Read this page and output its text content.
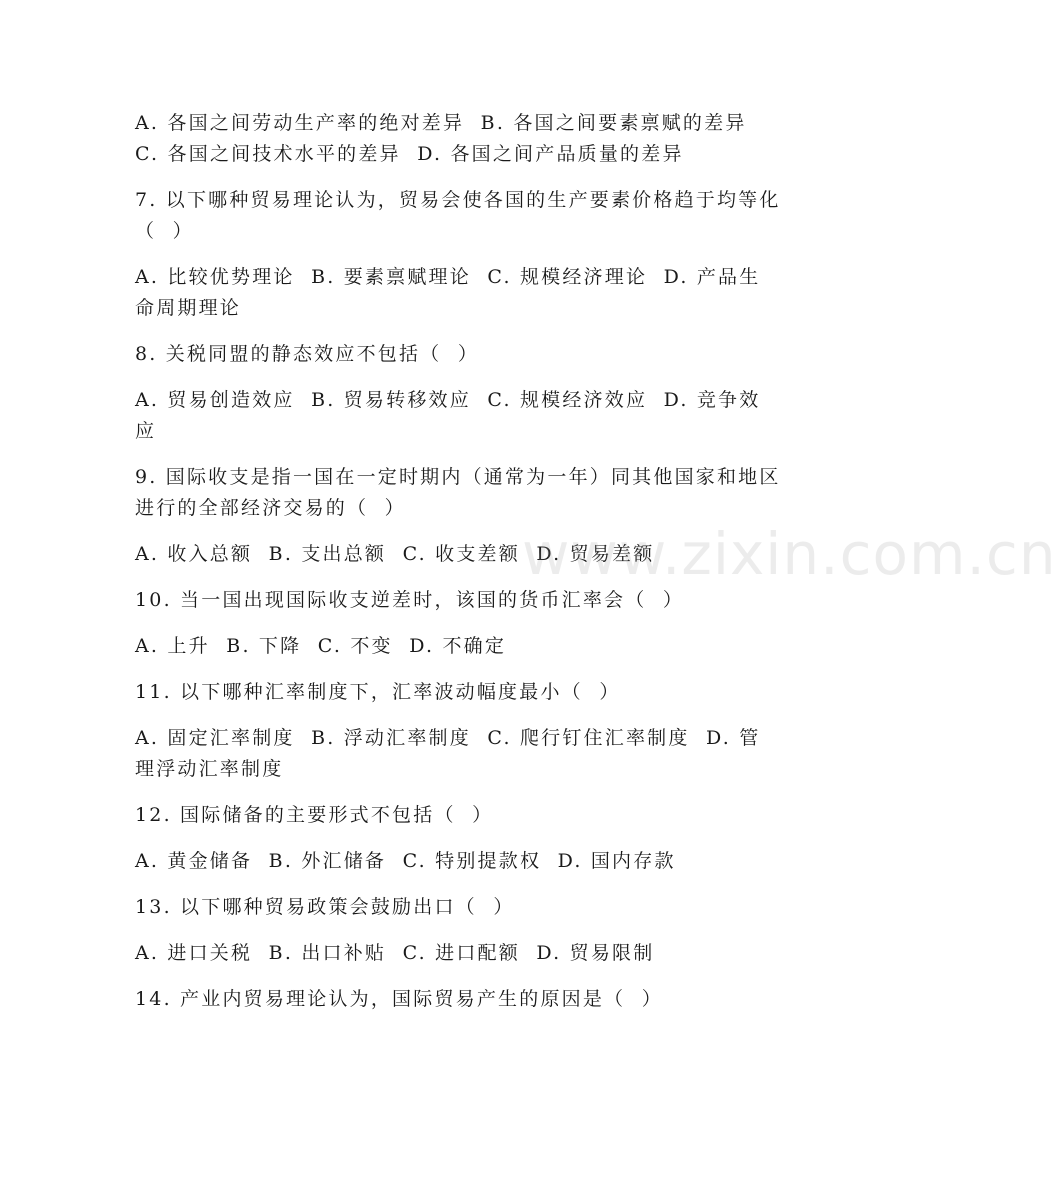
A. 各国之间劳动生产率的绝对差异  B. 各国之间要素禀赋的差异
C. 各国之间技术水平的差异  D. 各国之间产品质量的差异
7. 以下哪种贸易理论认为，贸易会使各国的生产要素价格趋于均等化
（  ）
A. 比较优势理论  B. 要素禀赋理论  C. 规模经济理论  D. 产品生
命周期理论
8. 关税同盟的静态效应不包括（  ）
A. 贸易创造效应  B. 贸易转移效应  C. 规模经济效应  D. 竞争效
应
9. 国际收支是指一国在一定时期内（通常为一年）同其他国家和地区
进行的全部经济交易的（  ）
A. 收入总额  B. 支出总额  C. 收支差额  D. 贸易差额
10. 当一国出现国际收支逆差时，该国的货币汇率会（  ）
A. 上升  B. 下降  C. 不变  D. 不确定
11. 以下哪种汇率制度下，汇率波动幅度最小（  ）
A. 固定汇率制度  B. 浮动汇率制度  C. 爬行钉住汇率制度  D. 管
理浮动汇率制度
12. 国际储备的主要形式不包括（  ）
A. 黄金储备  B. 外汇储备  C. 特别提款权  D. 国内存款
13. 以下哪种贸易政策会鼓励出口（  ）
A. 进口关税  B. 出口补贴  C. 进口配额  D. 贸易限制
14. 产业内贸易理论认为，国际贸易产生的原因是（  ）
www.zixin.com.cn
